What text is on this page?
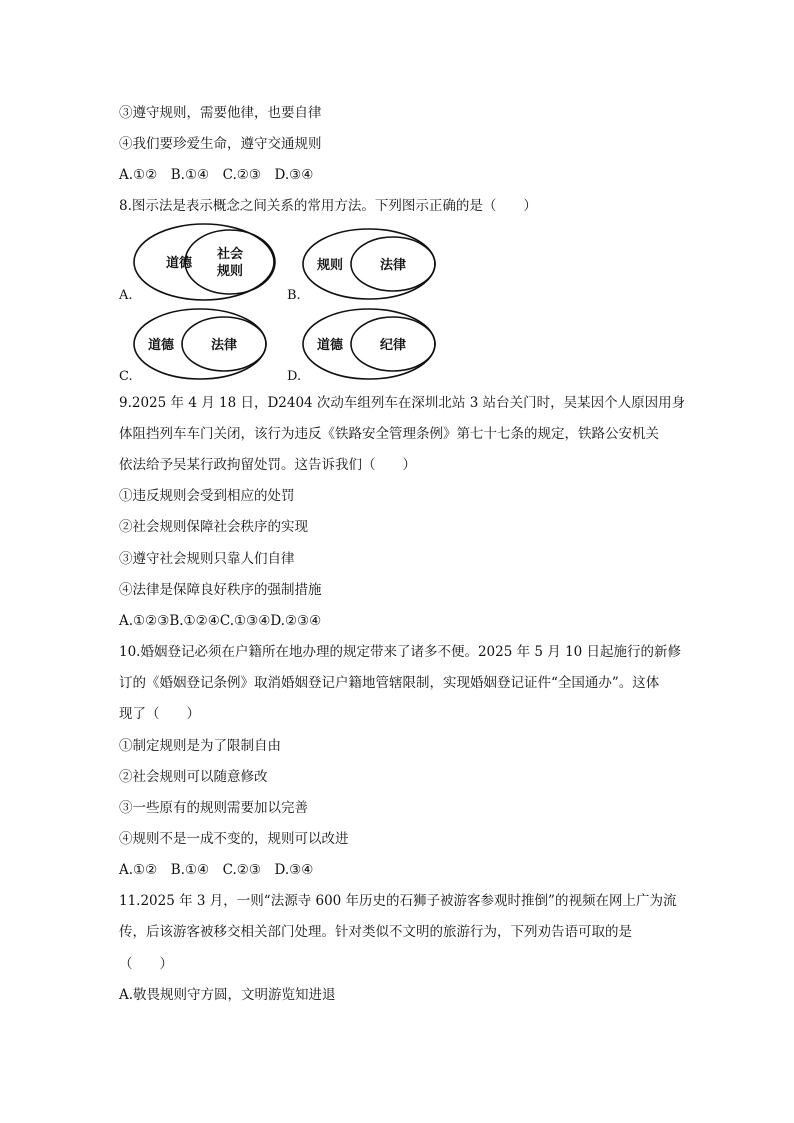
③遵守规则，需要他律，也要自律
④我们要珍爱生命，遵守交通规则
A.①②　B.①④　C.②③　D.③④
8.图示法是表示概念之间关系的常用方法。下列图示正确的是（　　）
道德
社会
规则
A.
规则	法律
B.
道德	法律
C.
道德	纪律
D.
9.2025 年 4 月 18 日，D2404 次动车组列车在深圳北站 3 站台关门时，吴某因个人原因用身
体阻挡列车车门关闭，该行为违反《铁路安全管理条例》第七十七条的规定，铁路公安机关
依法给予吴某行政拘留处罚。这告诉我们（　　）
①违反规则会受到相应的处罚
②社会规则保障社会秩序的实现
③遵守社会规则只靠人们自律
④法律是保障良好秩序的强制措施
A.①②③B.①②④C.①③④D.②③④
10.婚姻登记必须在户籍所在地办理的规定带来了诸多不便。2025 年 5 月 10 日起施行的新修
订的《婚姻登记条例》取消婚姻登记户籍地管辖限制，实现婚姻登记证件“全国通办”。这体
现了（　　）
①制定规则是为了限制自由
②社会规则可以随意修改
③一些原有的规则需要加以完善
④规则不是一成不变的，规则可以改进
A.①②　B.①④　C.②③　D.③④
11.2025 年 3 月，一则“法源寺 600 年历史的石狮子被游客参观时推倒”的视频在网上广为流
传，后该游客被移交相关部门处理。针对类似不文明的旅游行为，下列劝告语可取的是
（　　）
A.敬畏规则守方圆，文明游览知进退
